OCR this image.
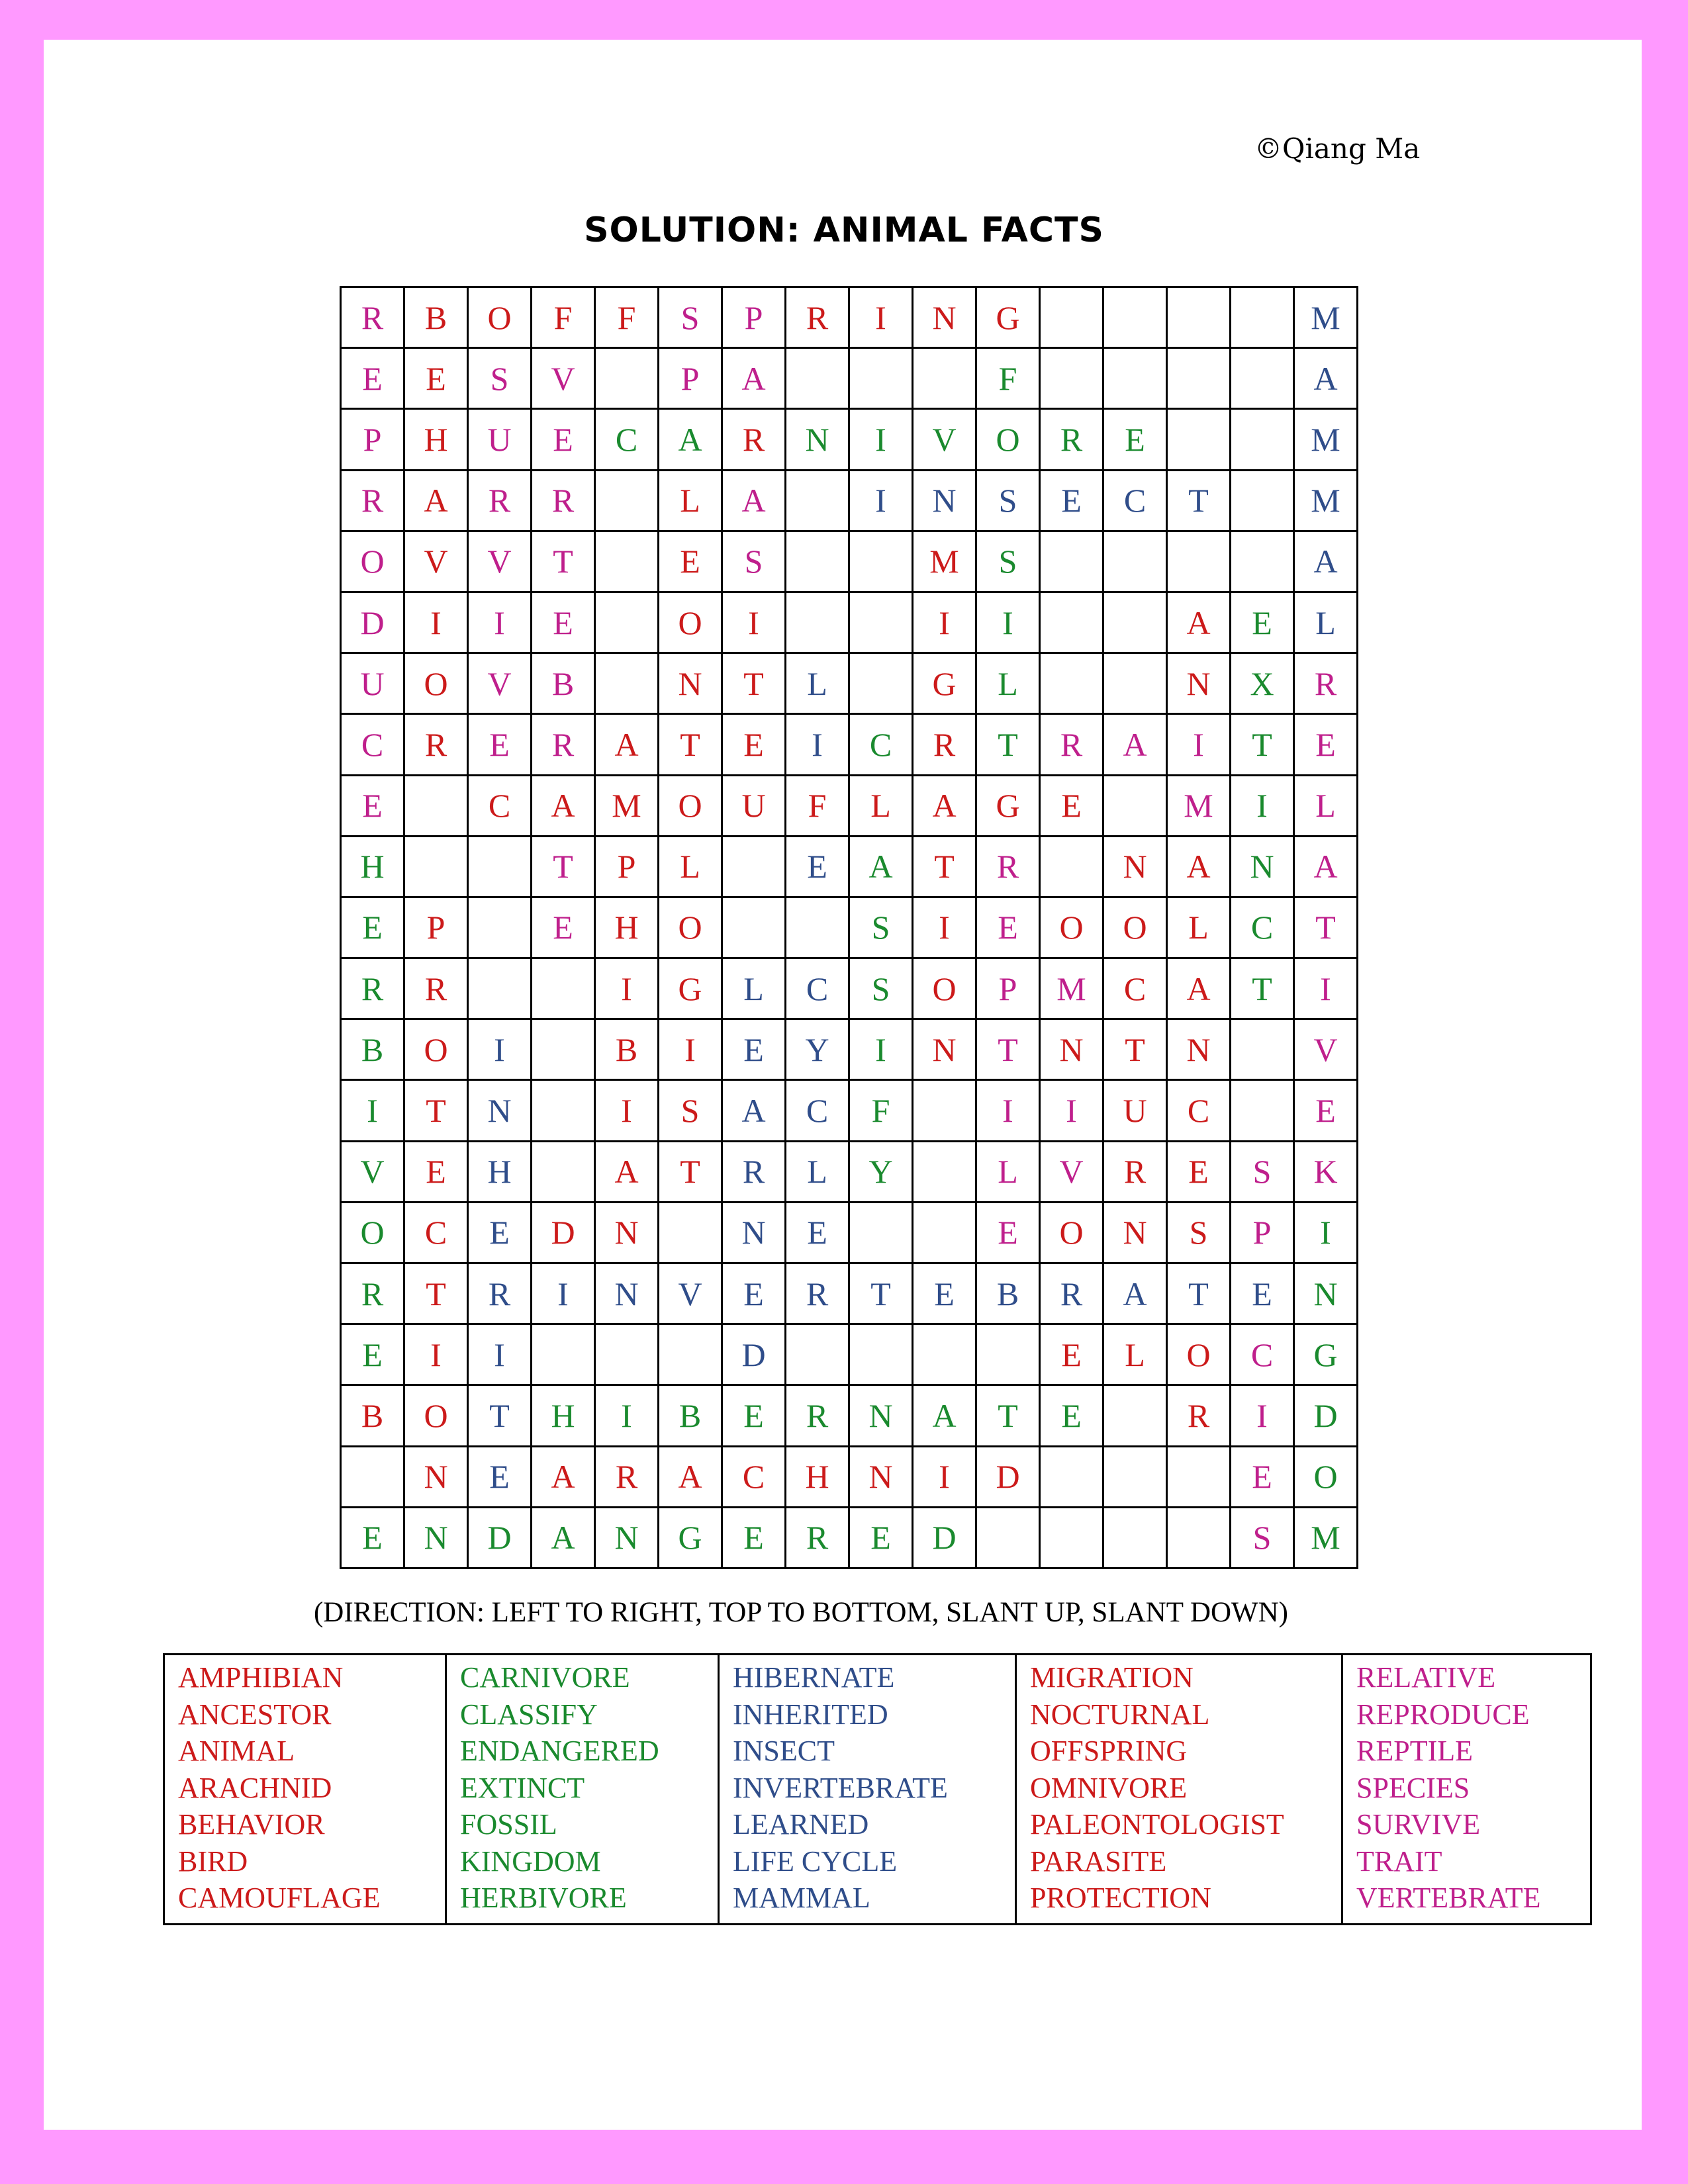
©Qiang Ma
SOLUTION: ANIMAL FACTS
R	B	O	F	F	S	P	R	I	N	G					M
E	E	S	V		P	A				F					A
P	H	U	E	C	A	R	N	I	V	O	R	E			M
R	A	R	R		L	A		I	N	S	E	C	T		M
O	V	V	T		E	S			M	S					A
D	I	I	E		O	I			I	I			A	E	L
U	O	V	B		N	T	L		G	L			N	X	R
C	R	E	R	A	T	E	I	C	R	T	R	A	I	T	E
E		C	A	M	O	U	F	L	A	G	E		M	I	L
H			T	P	L		E	A	T	R		N	A	N	A
E	P		E	H	O			S	I	E	O	O	L	C	T
R	R			I	G	L	C	S	O	P	M	C	A	T	I
B	O	I		B	I	E	Y	I	N	T	N	T	N		V
I	T	N		I	S	A	C	F		I	I	U	C		E
V	E	H		A	T	R	L	Y		L	V	R	E	S	K
O	C	E	D	N		N	E			E	O	N	S	P	I
R	T	R	I	N	V	E	R	T	E	B	R	A	T	E	N
E	I	I				D					E	L	O	C	G
B	O	T	H	I	B	E	R	N	A	T	E		R	I	D
	N	E	A	R	A	C	H	N	I	D				E	O
E	N	D	A	N	G	E	R	E	D					S	M
(DIRECTION: LEFT TO RIGHT, TOP TO BOTTOM, SLANT UP, SLANT DOWN)
AMPHIBIAN
ANCESTOR
ANIMAL
ARACHNID
BEHAVIOR
BIRD
CAMOUFLAGE

CARNIVORE
CLASSIFY
ENDANGERED
EXTINCT
FOSSIL
KINGDOM
HERBIVORE

HIBERNATE
INHERITED
INSECT
INVERTEBRATE
LEARNED
LIFE CYCLE
MAMMAL

MIGRATION
NOCTURNAL
OFFSPRING
OMNIVORE
PALEONTOLOGIST
PARASITE
PROTECTION

RELATIVE
REPRODUCE
REPTILE
SPECIES
SURVIVE
TRAIT
VERTEBRATE
